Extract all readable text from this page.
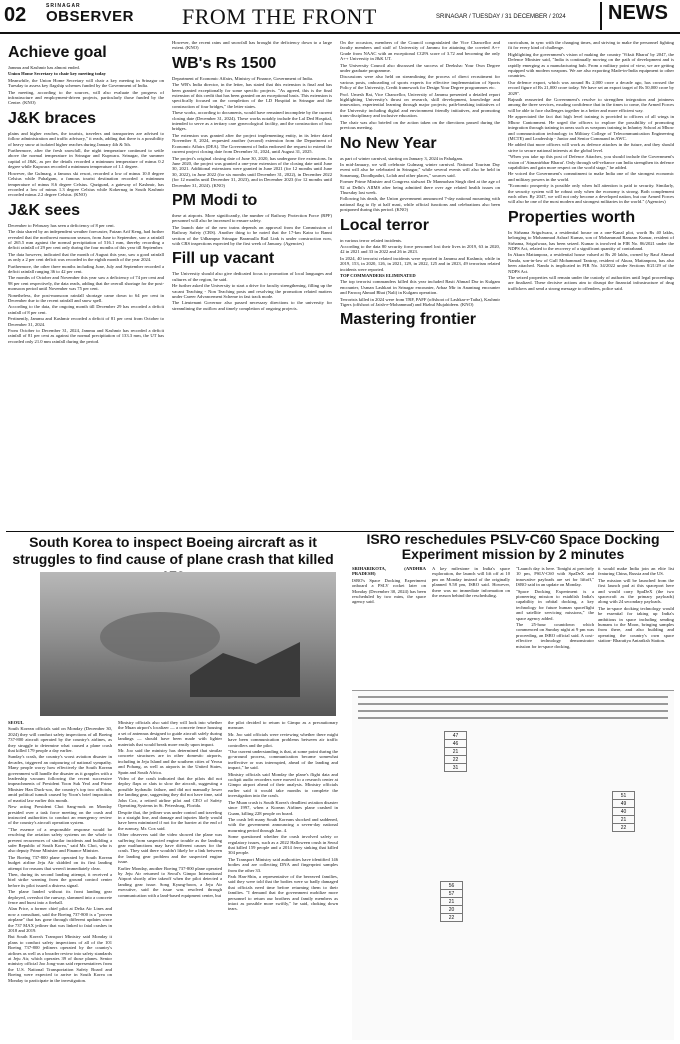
02	SRINAGAR
OBSERVER	FROM THE FRONT	SRINAGAR / TUESDAY / 31 DECEMBER / 2024	NEWS
Achieve goal

Jammu and Kashmir has almost ended.

Union Home Secretary to chair key meeting today

Meanwhile, the Union Home Secretary will chair a key meeting in Srinagar on Tuesday to assess key flagship schemes funded by the Government of India.

The meeting, according to the sources, will also evaluate the progress of infrastructure and employment-driven projects, particularly those funded by the Centre. (KNO)

J&K braces

plains and higher reaches, the tourists, travelers and transporters are advised to follow administration and traffic advisory," it reads, adding that there is a possibility of heavy snow at isolated higher reaches during January 4th & 5th.

Furthermore, after the fresh snowfall, the night temperature continued to settle above the normal temperature in Srinagar and Kupwara. Srinagar, the summer capital of J&K, as per the details recorded a minimum temperature of minus 0.2 degree while Kupwara recorded a minimum temperature of 1.1 degree.

However, the Gulmarg, a famous ski resort, recorded a low of minus 10.0 degree Celsius while Pahalgam, a famous tourist destination recorded a minimum temperature of minus 8.6 degree Celsius. Qazigund, a gateway of Kashmir, has recorded a low of minus 1.3 degree Celsius while Kokernag in South Kashmir recorded minus 2.2 degree Celsius. (KNO)

J&K sees

December to February has seen a deficiency of 8 per cent.

The data shared by an independent weather forecaster, Faizan Arif Keng, had further revealed that the northwest monsoon season, from June to September, saw a rainfall of 265.5 mm against the normal precipitation of 516.1 mm, thereby recording a deficit rainfall of 29 per cent only during the four months of this year till September.

The data however, indicated that the month of August this year, saw a good rainfall as only a 2 per cent deficit was recorded in the eighth month of the year 2024.

Furthermore, the other three months including June, July and September recorded a deficit rainfall ranging 36 to 42 per cent.

The months of October and November this year saw a deficiency of 74 per cent and 98 per cent respectively, the data reads, adding that the overall shortage for the post-monsoon period until November was 75 per cent.

Nonetheless, the post-monsoon rainfall shortage came down to 64 per cent in December due to the recent rainfall and snow spell.

According to the data, the ongoing month till December 29 has recorded a deficit rainfall of 8 per cent.

Pertinently, Jammu and Kashmir recorded a deficit of 81 per cent from October to December 31, 2024.

From October to December 31, 2024, Jammu and Kashmir has recorded a deficit rainfall of 81 per cent as against the normal precipitation of 133.3 mm, the UT has recorded only 21.0 mm rainfall during the period.

However, the recent rains and snowfall has brought the deficiency down to a large extent. (KNO)

WB's Rs 1500

Department of Economic Affairs, Ministry of Finance, Government of India.

The WB's India director, in the letter, has stated that this extension is final and has been granted exceptionally for some specific projects. "As agreed, this is the final extension of this credit that has been granted on an exceptional basis. This extension is specifically focused on the completion of the LD Hospital in Srinagar and the construction of four bridges," the letter states.

These works, according to documents, would have remained incomplete by the current closing date (December 31, 2024). These works notably include the Lal Ded Hospital, intended to serve as a tertiary care gynecological facility, and the construction of four bridges.

The extension was granted after the project implementing entity, in its letter dated November 8, 2024, requested another (second) extension from the Department of Economic Affairs (DEA). The Government of India endorsed the request to extend the current project closing date from December 31, 2024, until August 31, 2025.

The project's original closing date of June 30, 2020, has undergone five extensions. In June 2020, the project was granted a one-year extension of the closing date until June 30, 2021. Additional extensions were granted in June 2021 (for 12 months until June 30, 2022), in June 2022 (for six months until December 31, 2022), in December 2022 (for 12 months until December 31, 2023), and in December 2023 (for 12 months until December 31, 2024). (KNO)

PM Modi to

these at airports. More significantly, the number of Railway Protection Force (RPF) personnel will also be increased to ensure safety.

The launch date of the new trains depends on approval from the Commission of Railway Safety (CRS). Another thing to be noted that the 17-km Katra to Banni section of the Udhampur Srinagar Baramulla Rail Link is under construction now, with CRS inspections expected by the first week of January. (Agencies)

Fill up vacant

The University should also give dedicated focus to promotion of local languages and cultures of the region, he said.

He further asked the University to start a drive for faculty strengthening, filling up the vacant Teaching - Non Teaching posts and resolving the promotion related matters under Career Advancement Scheme in fast track mode.

The Lieutenant Governor also passed necessary directions to the university for streamlining the outflow and timely completion of ongoing projects.

On the occasion, members of the Council congratulated the Vice Chancellor and faculty members and staff of University of Jammu for attaining the coveted A++ Grade from NAAC with an exceptional CGPA score of 3.72 and becoming the only A++ University in J&K UT.

The University Council also discussed the success of Deeksha: Your Own Degree under graduate programme.

Discussions were also held on streamlining the process of direct recruitment for various posts, onboarding of sports experts for effective implementation of Sports Policy of the University, Credit framework for Design Your Degree programmes etc.

Prof. Umesh Rai, Vice Chancellor, University of Jammu presented a detailed report highlighting University's thrust on research, skill development, knowledge and innovation, experiential learning through major projects; path-breaking initiatives of the University including digital and environment friendly initiatives, and promoting trans-disciplinary and inclusive education.

The chair was also briefed on the action taken on the directions passed during the previous meeting.

No New Year

as part of winter carnival, starting on January 3, 2024 in Pahalgam.

In mid-January, we will celebrate Gulmarg winter carnival. National Tourism Day event will also be celebrated in Srinagar," while several events will also be held in Sonamarg, Doodhpathri, Lolab and other places," sources said.

Former Prime Minister and Congress stalwart Dr Manmohan Singh died at the age of 92 at Delhi's AIIMS after being admitted there over age related health issues on Thursday last week.

Following his death, the Union government announced 7-day national mourning with national flag to fly at half mast, while official functions and celebrations also been postponed during this period. (KNO)

Local terror

in various terror related incidents.

According to the data 80 security force personnel lost their lives in 2019, 63 in 2020, 42 in 2021 and 33 in 2022 and 26 in 2023.

In 2024, 40 terrorist related incidents were reported in Jammu and Kashmir, while in 2019, 153, in 2020, 126, in 2021, 129, in 2022, 125 and in 2023, 49 terrorism related incidents were reported.

TOP COMMANDERS ELIMINATED

The top terrorist commanders killed this year included Basit Ahmad Dar in Kulgam encounter, Usman Lashkari in Srinagar encounter, Arbaz Mir in Anantnag encounter and Farooq Ahmad Bhat (Nali) in Kulgam operation.

Terrorists killed in 2024 were from TRF, PAFF (offshoot of Lashkar-e-Taiba), Kashmir Tigers (offshoot of Jaish-e-Mohammad) and Hizbul Mujahideen. (KNO)

Mastering frontier

curriculum, in sync with the changing times, and striving to make the personnel fighting fit for every kind of challenge.

Highlighting the government's vision of making the country 'Viksit Bharat' by 2047, the Defence Minister said, "India is continually moving on the path of development and is rapidly emerging as a manufacturing hub. From a military point of view, we are getting equipped with modern weapons. We are also exporting Made-in-India equipment to other countries.

Our defence export, which was around Rs 2,000 crore a decade ago, has crossed the record figure of Rs 21,000 crore today. We have set an export target of Rs 50,000 crore by 2029".

Rajnath reasserted the Government's resolve to strengthen integration and jointness among the three services, exuding confidence that in the times to come, the Armed Forces will be able to face challenges together in a better and more efficient way.

He appreciated the fact that high level training is provided to officers of all wings in Mhow Cantonment. He urged the officers to explore the possibility of promoting integration through training in areas such as weapons training in Infantry School at Mhow and communication technology in Military College of Telecommunication Engineering (MCTE) and Leadership - Junior and Senior Command in AWC.

He added that more officers will work as defence attaches in the future, and they should strive to secure national interests at the global level.

"When you take up this post of Defence Attaches, you should include the Government's vision of 'Atmanirbhar Bharat'. Only through self-reliance can India strengthen its defence capabilities and gain more respect on the world stage," he added.

He voiced the Government's commitment to make India one of the strongest economic and military powers in the world.

"Economic prosperity is possible only when full attention is paid to security. Similarly, the security system will be robust only when the economy is strong. Both complement each other. By 2047, we will not only become a developed nation, but our Armed Forces will also be one of the most modern and strongest militaries in the world." (Agencies)

Properties worth

In Sirhama Srigufwara, a residential house on a one-Kanal plot, worth Rs 40 lakhs, belonging to Mohammad Ashraf Kumar, son of Mohammad Ramzan Kumar, resident of Sirhama, Srigufwara, has been seized. Kumar is involved in FIR No. 86/2021 under the NDPS Act, related to the recovery of a significant quantity of contraband.

In Akura Mattanpora, a residential house valued at Rs 20 lakhs, owned by Rauf Ahmad Nanda, son-in-law of Gull Mohammad Tantray, resident of Akura, Mattanpora, has also been attached. Nanda is implicated in FIR No. 34/2022 under Sections 8/21/29 of the NDPS Act.

The seized properties will remain under the custody of authorities until legal proceedings are finalized. These decisive actions aim to disrupt the financial infrastructure of drug traffickers and send a strong message to offenders, police said.

South Korea to inspect Boeing aircraft as it struggles to find cause of plane crash that killed

SEOUL

South Korean officials said on Monday (December 30, 2024) they will conduct safety inspections of all Boeing 737-800 aircraft operated by the country's airlines, as they struggle to determine what caused a plane crash that killed 179 people a day earlier.

Sunday's crash, the country's worst aviation disaster in decades, triggered an outpouring of national sympathy. Many people worry how effectively the South Korean government will handle the disaster as it grapples with a leadership vacuum following the recent successive impeachments of President Yoon Suk Yeol and Prime Minister Han Duck-soo, the country's top two officials, amid political tumult caused by Yoon's brief imposition of martial law earlier this month.

New acting President Choi Sang-mok on Monday presided over a task force meeting on the crash and instructed authorities to conduct an emergency review of the country's aircraft operation system.

"The essence of a responsible response would be resolving the aviation safety systems on the whole to prevent recurrences of similar incidents and building a safer Republic of South Korea," said Mr. Choi, who is also deputy Prime Minister and Finance Minister.

The Boeing 737-800 plane operated by South Korean budget airline Jeju Air skidded on its first landing attempt for reasons that weren't immediately clear.

Then, during its second landing attempt, it received a bird strike warning from the ground control center before its pilot issued a distress signal.

The plane landed without its front landing gear deployed, overshot the runway, slammed into a concrete fence and burst into a fireball.

Alan Price, a former chief pilot at Delta Air Lines and now a consultant, said the Boeing 737-800 is a "proven airplane" that has gone through different updates since the 737 MAX jetliner that was linked to fatal crashes in 2018 and 2019.

But South Korea's Transport Ministry said Monday it plans to conduct safety inspections of all of the 101 Boeing 737-800 jetliners operated by the country's airlines as well as a broader review into safety standards at Jeju Air, which operates 39 of those planes. Senior ministry official Joo Jong-wan said representatives from the U.S. National Transportation Safety Board and Boeing were expected to arrive in South Korea on Monday to participate in the investigation.

Ministry officials also said they will look into whether the Muan airport's localizer — a concrete fence housing a set of antennas designed to guide aircraft safely during landings — should have been made with lighter materials that would break more easily upon impact.

Mr. Joo said the ministry has determined that similar concrete structures are in other domestic airports, including in Jeju Island and the southern cities of Yeosu and Pohang, as well as airports in the United States, Spain and South Africa.

Video of the crash indicated that the pilots did not deploy flaps or slats to slow the aircraft, suggesting a possible hydraulic failure, and did not manually lower the landing gear, suggesting they did not have time, said John Cox, a retired airline pilot and CEO of Safety Operating Systems in St. Petersburg, Florida.

Despite that, the jetliner was under control and traveling in a straight line, and damage and injuries likely would have been minimized if not for the barrier at the end of the runway, Mr. Cox said.

Other observers said the video showed the plane was suffering from suspected engine trouble as the landing gear malfunctions may have different causes for the crash. They said there wouldn't likely be a link between the landing gear problem and the suspected engine issue.

Earlier Monday, another Boeing 737-800 plane operated by Jeju Air returned to Seoul's Gimpo International Airport shortly after takeoff when the pilot detected a landing gear issue. Song Kyung-hoon, a Jeju Air executive, said the issue was resolved through communication with a land-based equipment center, but

the pilot decided to return to Gimpo as a precautionary measure.

Mr. Joo said officials were reviewing whether there might have been communication problems between air traffic controllers and the pilot.

"Our current understanding is that, at some point during the go-around process, communication became somewhat ineffective or was interrupted, ahead of the landing and impact," he said.

Ministry officials said Monday the plane's flight data and cockpit audio recorders were moved to a research center at Gimpo airport ahead of their analysis. Ministry officials earlier said it would take months to complete the investigation into the crash.

The Muan crash is South Korea's deadliest aviation disaster since 1997, when a Korean Airlines plane crashed in Guam, killing 228 people on board.

The crash left many South Koreans shocked and saddened, with the government announcing a seven-day national mourning period through Jan. 4.

Some questioned whether the crash involved safety or regulatory issues, such as a 2022 Halloween crush in Seoul that killed 159 people and a 2014 ferry sinking that killed 304 people.

The Transport Ministry said authorities have identified 146 bodies and are collecting DNA and fingerprint samples from the other 33.

Park Han-Shin, a representative of the bereaved families, said they were told that the bodies were so badly damaged that officials need time before returning them to their families. "I demand that the government mobilize more personnel to return our brothers and family members as intact as possible more swiftly," he said, choking down tears.

ISRO reschedules PSLV-C60 Space Docking Experiment mission by 2 minutes

SRIHARIKOTA, (ANDHRA PRADESH)

ISRO's Space Docking Experiment onboard a PSLV rocket later on Monday (December 30, 2024) has been rescheduled by two mins, the space agency said.

A key milestone in India's space exploration, the launch will lift off at 10 pm on Monday instead of the originally planned 9.58 pm, ISRO said. However, there was no immediate information on the reason behind the rescheduling.

"Launch day is here. Tonight at precisely 10 pm, PSLV-C60 with SpaDeX and innovative payloads are set for liftoff," ISRO said in an update on Monday.

"Space Docking Experiment is a pioneering mission to establish India's capability in orbital docking, a key technology for future human spaceflight and satellite servicing missions," the space agency added.

The 25-hour countdown which commenced on Sunday night at 9 pm was proceeding, an ISRO official said. A cost-effective technology demonstrator mission for in-space docking,

it would make India join an elite list featuring China, Russia and the US.

The mission will be launched from the first launch pad at this spaceport here and would carry SpaDeX (the two spacecraft as the primary payloads) along with 24 secondary payloads.

The in-space docking technology would be essential for taking up India's ambitious in space including sending humans to the Moon, bringing samples from there, and also building and operating the country's own space station- Bharatiya Antariksh Station.

47
46
21
22
31
56
57
21
20
22
51
49
40
21
22
